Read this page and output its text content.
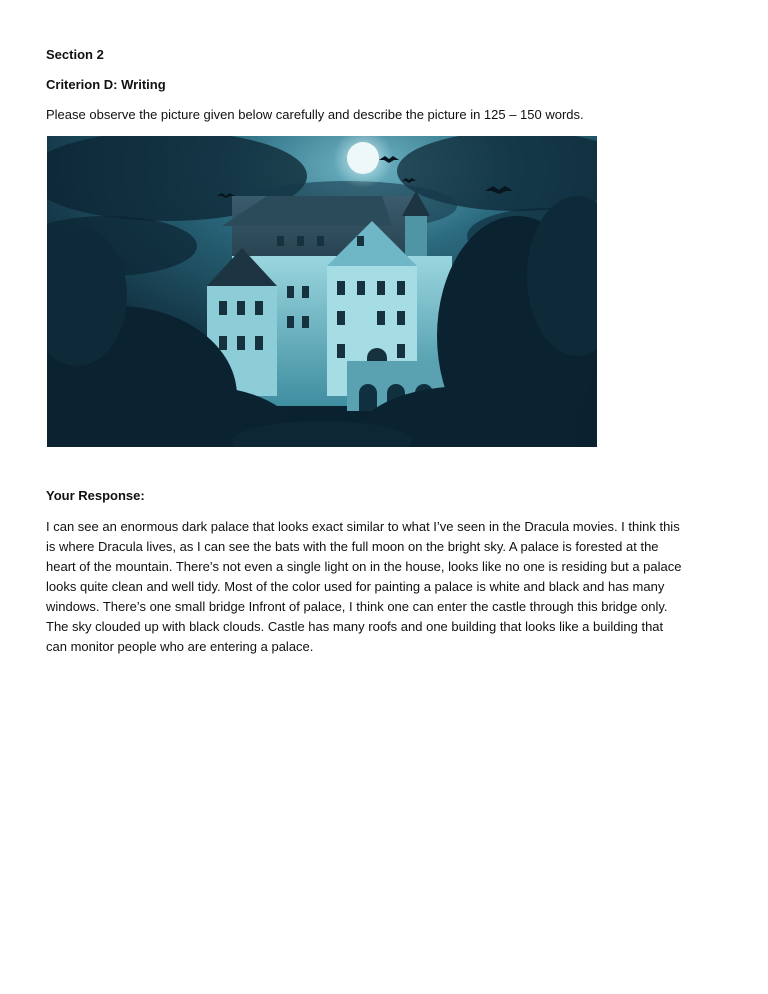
Section 2
Criterion D: Writing
Please observe the picture given below carefully and describe the picture in 125 – 150 words.
Your Response:
I can see an enormous dark palace that looks exact similar to what I’ve seen in the Dracula movies. I think this
is where Dracula lives, as I can see the bats with the full moon on the bright sky. A palace is forested at the
heart of the mountain. There’s not even a single light on in the house, looks like no one is residing but a palace
looks quite clean and well tidy. Most of the color used for painting a palace is white and black and has many
windows. There’s one small bridge Infront of palace, I think one can enter the castle through this bridge only.
The sky clouded up with black clouds. Castle has many roofs and one building that looks like a building that
can monitor people who are entering a palace.
